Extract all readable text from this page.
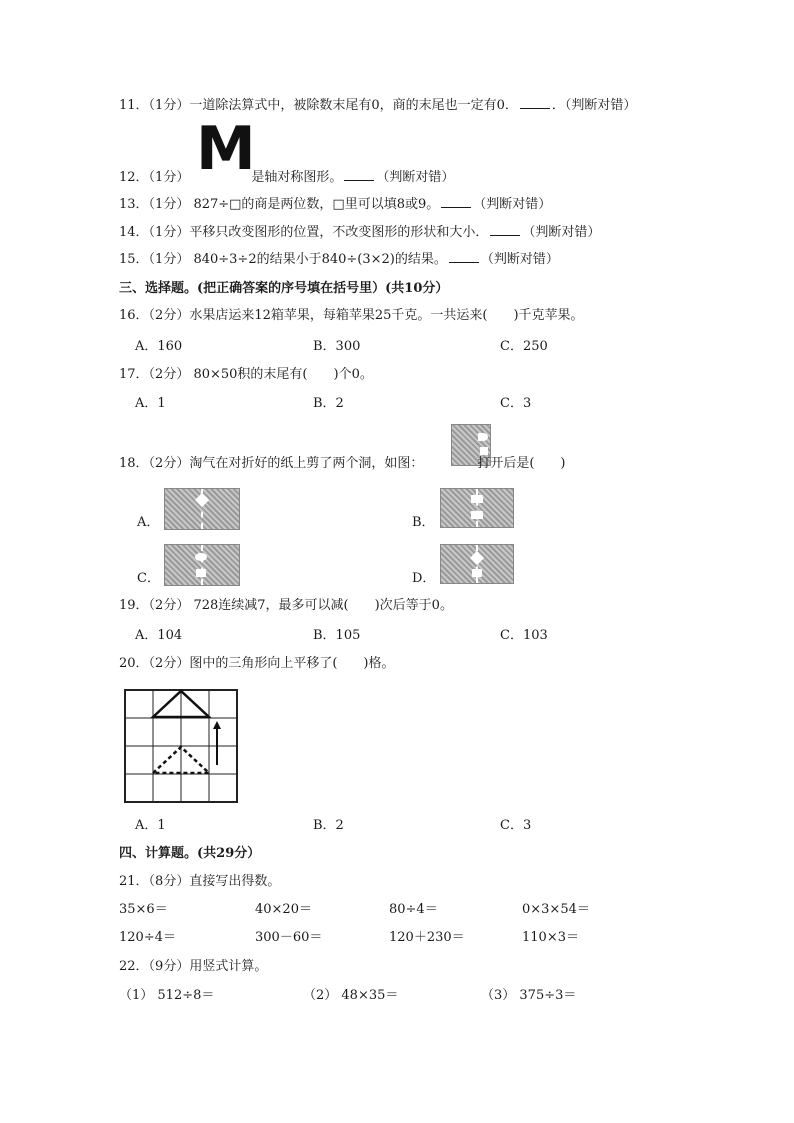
11．（1分）一道除法算式中，被除数末尾有0，商的末尾也一定有0．	．（判断对错）
M
12．（1分）	是轴对称图形。	（判断对错）
13．（1分） 827÷□的商是两位数，□里可以填8或9。	（判断对错）
14．（1分）平移只改变图形的位置，不改变图形的形状和大小．	（判断对错）
15．（1分） 840÷3÷2的结果小于840÷(3×2)的结果。	（判断对错）
三、选择题。(把正确答案的序号填在括号里）(共10分）
16．（2分）水果店运来12箱苹果，每箱苹果25千克。一共运来( )千克苹果。
A．160	B．300	C．250
17．（2分） 80×50积的末尾有( )个0。
A．1	B．2	C．3
18．（2分）淘气在对折好的纸上剪了两个洞，如图：	打开后是( )
A．	B．
C．	D．
19．（2分） 728连续减7，最多可以减( )次后等于0。
A．104	B．105	C．103
20．（2分）图中的三角形向上平移了( )格。
A．1	B．2	C．3
四、计算题。(共29分）
21．（8分）直接写出得数。
35×6＝	40×20＝	80÷4＝	0×3×54＝
120÷4＝	300－60＝	120＋230＝	110×3＝
22．（9分）用竖式计算。
（1） 512÷8＝	（2） 48×35＝	（3） 375÷3＝
